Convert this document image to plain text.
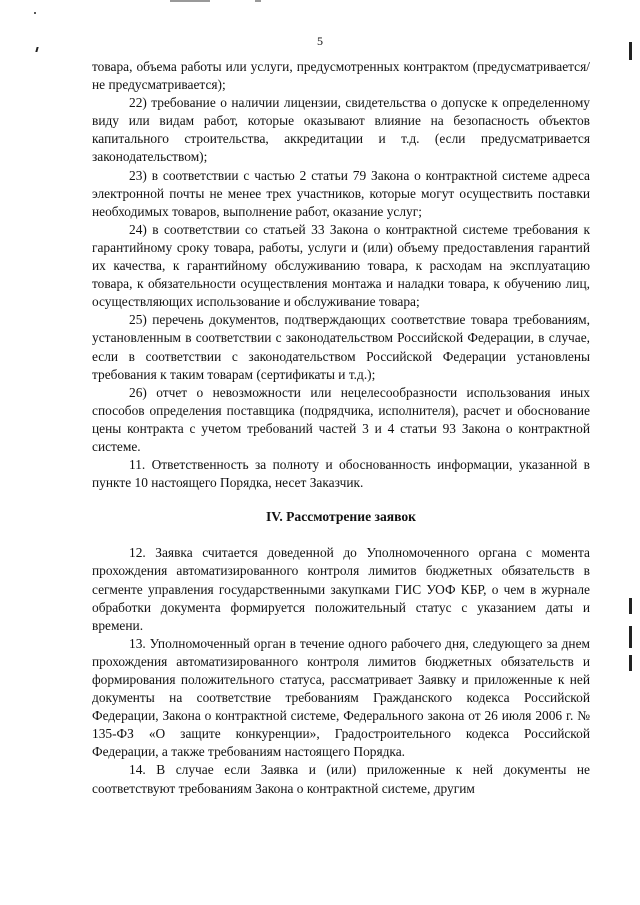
5

товара, объема работы или услуги, предусмотренных контрактом (предусматривается/ не предусматривается);

22) требование о наличии лицензии, свидетельства о допуске к определенному виду или видам работ, которые оказывают влияние на безопасность объектов капитального строительства, аккредитации и т.д. (если предусматривается законодательством);

23) в соответствии с частью 2 статьи 79 Закона о контрактной системе адреса электронной почты не менее трех участников, которые могут осуществить поставки необходимых товаров, выполнение работ, оказание услуг;

24) в соответствии со статьей 33 Закона о контрактной системе требования к гарантийному сроку товара, работы, услуги и (или) объему предоставления гарантий их качества, к гарантийному обслуживанию товара, к расходам на эксплуатацию товара, к обязательности осуществления монтажа и наладки товара, к обучению лиц, осуществляющих использование и обслуживание товара;

25) перечень документов, подтверждающих соответствие товара требованиям, установленным в соответствии с законодательством Российской Федерации, в случае, если в соответствии с законодательством Российской Федерации установлены требования к таким товарам (сертификаты и т.д.);

26) отчет о невозможности или нецелесообразности использования иных способов определения поставщика (подрядчика, исполнителя), расчет и обоснование цены контракта с учетом требований частей 3 и 4 статьи 93 Закона о контрактной системе.

11. Ответственность за полноту и обоснованность информации, указанной в пункте 10 настоящего Порядка, несет Заказчик.

IV. Рассмотрение заявок

12. Заявка считается доведенной до Уполномоченного органа с момента прохождения автоматизированного контроля лимитов бюджетных обязательств в сегменте управления государственными закупками ГИС УОФ КБР, о чем в журнале обработки документа формируется положительный статус с указанием даты и времени.

13. Уполномоченный орган в течение одного рабочего дня, следующего за днем прохождения автоматизированного контроля лимитов бюджетных обязательств и формирования положительного статуса, рассматривает Заявку и приложенные к ней документы на соответствие требованиям Гражданского кодекса Российской Федерации, Закона о контрактной системе, Федерального закона от 26 июля 2006 г. № 135-ФЗ «О защите конкуренции», Градостроительного кодекса Российской Федерации, а также требованиям настоящего Порядка.

14. В случае если Заявка и (или) приложенные к ней документы не соответствуют требованиям Закона о контрактной системе, другим
